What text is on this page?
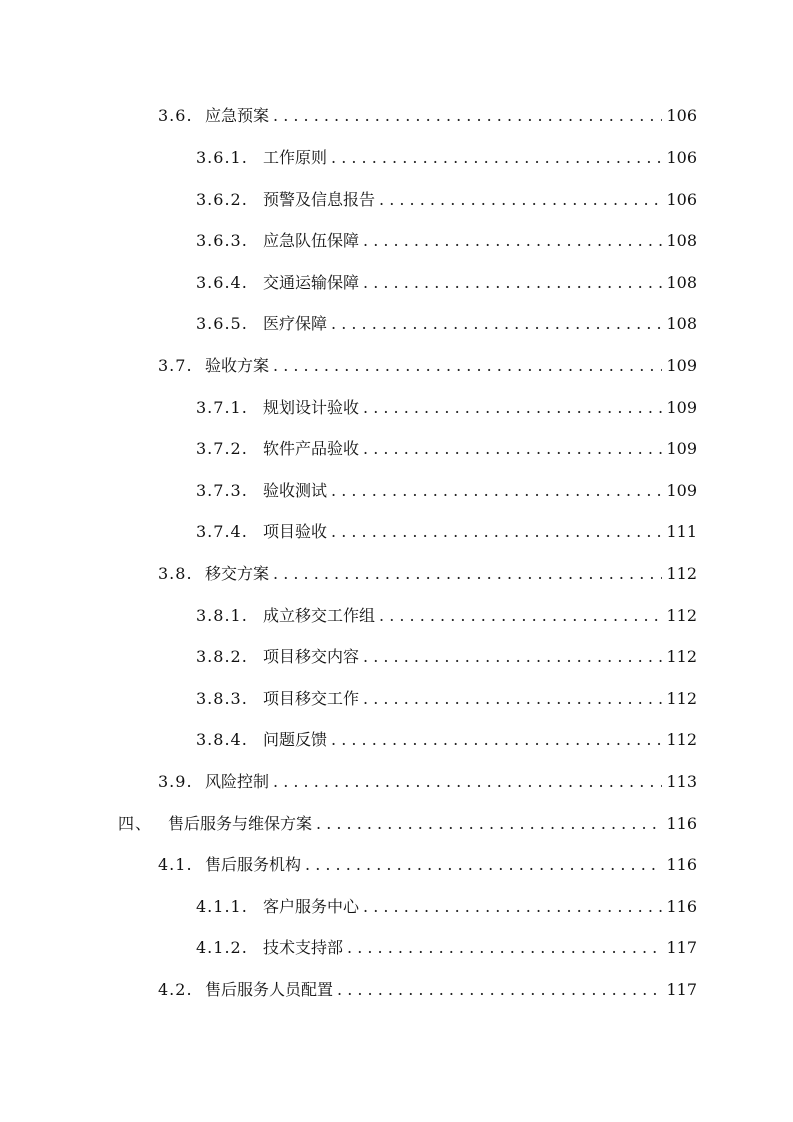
3.6. 应急预案 . . .	106
3.6.1. 工作原则 . . .	106
3.6.2. 预警及信息报告 . . .	106
3.6.3. 应急队伍保障 . . .	108
3.6.4. 交通运输保障 . . .	108
3.6.5. 医疗保障 . . .	108
3.7. 验收方案 . . .	109
3.7.1. 规划设计验收 . . .	109
3.7.2. 软件产品验收 . . .	109
3.7.3. 验收测试 . . .	109
3.7.4. 项目验收 . . .	111
3.8. 移交方案 . . .	112
3.8.1. 成立移交工作组 . . .	112
3.8.2. 项目移交内容 . . .	112
3.8.3. 项目移交工作 . . .	112
3.8.4. 问题反馈 . . .	112
3.9. 风险控制 . . .	113
四、 售后服务与维保方案 . . .	116
4.1. 售后服务机构 . . .	116
4.1.1. 客户服务中心 . . .	116
4.1.2. 技术支持部 . . .	117
4.2. 售后服务人员配置 . . .	117
